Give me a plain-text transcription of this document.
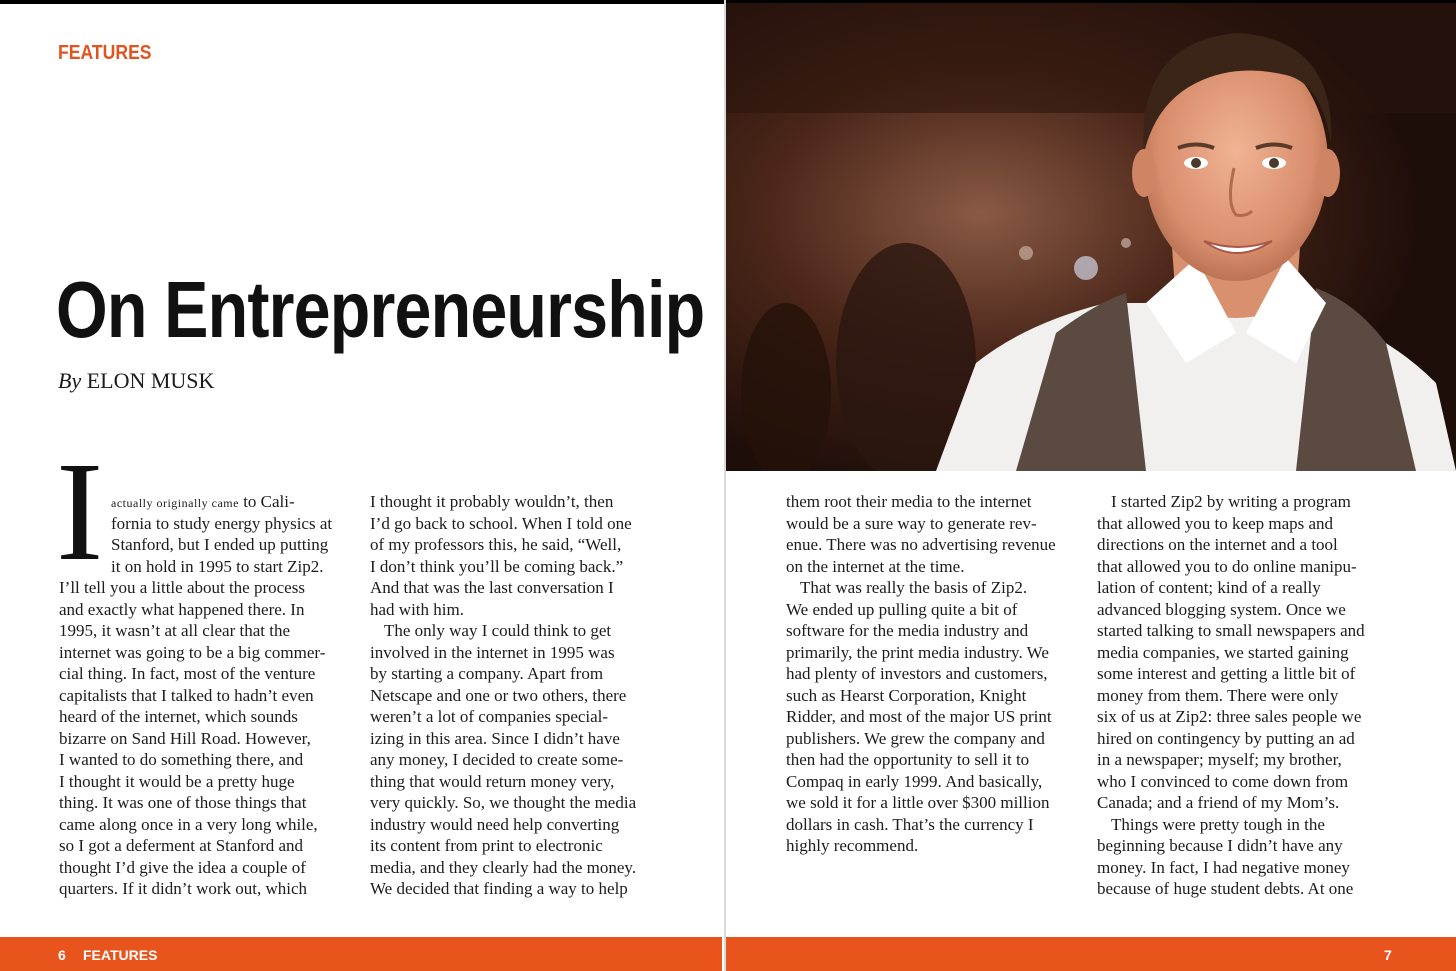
FEATURES

On Entrepreneurship
By ELON MUSK
I actually originally came to Cali-
fornia to study energy physics at
Stanford, but I ended up putting
it on hold in 1995 to start Zip2.
I’ll tell you a little about the process
and exactly what happened there. In
1995, it wasn’t at all clear that the
internet was going to be a big commer-
cial thing. In fact, most of the venture
capitalists that I talked to hadn’t even
heard of the internet, which sounds
bizarre on Sand Hill Road. However,
I wanted to do something there, and
I thought it would be a pretty huge
thing. It was one of those things that
came along once in a very long while,
so I got a deferment at Stanford and
thought I’d give the idea a couple of
quarters. If it didn’t work out, which
I thought it probably wouldn’t, then
I’d go back to school. When I told one
of my professors this, he said, “Well,
I don’t think you’ll be coming back.”
And that was the last conversation I
had with him.
The only way I could think to get
involved in the internet in 1995 was
by starting a company. Apart from
Netscape and one or two others, there
weren’t a lot of companies special-
izing in this area. Since I didn’t have
any money, I decided to create some-
thing that would return money very,
very quickly. So, we thought the media
industry would need help converting
its content from print to electronic
media, and they clearly had the money.
We decided that finding a way to help
them root their media to the internet
would be a sure way to generate rev-
enue. There was no advertising revenue
on the internet at the time.
That was really the basis of Zip2.
We ended up pulling quite a bit of
software for the media industry and
primarily, the print media industry. We
had plenty of investors and customers,
such as Hearst Corporation, Knight
Ridder, and most of the major US print
publishers. We grew the company and
then had the opportunity to sell it to
Compaq in early 1999. And basically,
we sold it for a little over $300 million
dollars in cash. That’s the currency I
highly recommend.
I started Zip2 by writing a program
that allowed you to keep maps and
directions on the internet and a tool
that allowed you to do online manipu-
lation of content; kind of a really
advanced blogging system. Once we
started talking to small newspapers and
media companies, we started gaining
some interest and getting a little bit of
money from them. There were only
six of us at Zip2: three sales people we
hired on contingency by putting an ad
in a newspaper; myself; my brother,
who I convinced to come down from
Canada; and a friend of my Mom’s.
Things were pretty tough in the
beginning because I didn’t have any
money. In fact, I had negative money
because of huge student debts. At one
6 FEATURES	7
